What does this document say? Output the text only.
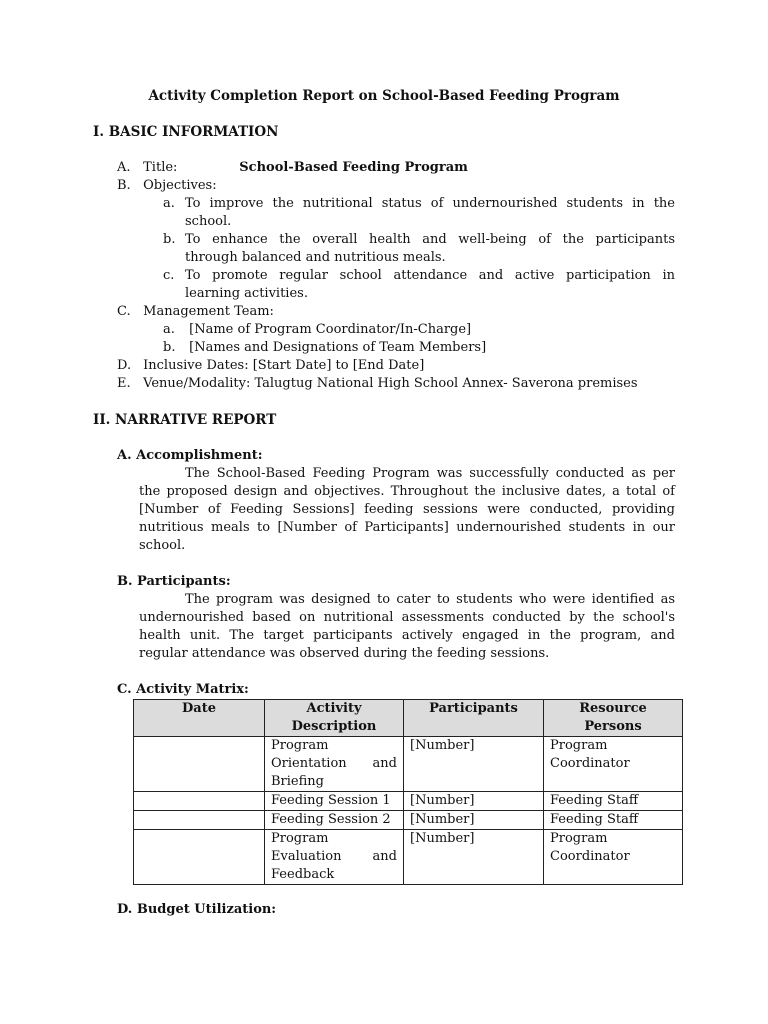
Activity Completion Report on School-Based Feeding Program
I. BASIC INFORMATION
A. Title:	School-Based Feeding Program
B. Objectives:
a. To improve the nutritional status of undernourished students in the
school.
b. To enhance the overall health and well-being of the participants
through balanced and nutritious meals.
c. To promote regular school attendance and active participation in
learning activities.
C. Management Team:
a. [Name of Program Coordinator/In-Charge]
b. [Names and Designations of Team Members]
D. Inclusive Dates: [Start Date] to [End Date]
E. Venue/Modality: Talugtug National High School Annex- Saverona premises
II. NARRATIVE REPORT
A. Accomplishment:
The School-Based Feeding Program was successfully conducted as per the proposed design and objectives. Throughout the inclusive dates, a total of [Number of Feeding Sessions] feeding sessions were conducted, providing nutritious meals to [Number of Participants] undernourished students in our school.
B. Participants:
The program was designed to cater to students who were identified as undernourished based on nutritional assessments conducted by the school's health unit. The target participants actively engaged in the program, and regular attendance was observed during the feeding sessions.
C. Activity Matrix:
Date	Activity Description	Participants	Resource Persons
	Program Orientation and Briefing	[Number]	Program Coordinator
	Feeding Session 1	[Number]	Feeding Staff
	Feeding Session 2	[Number]	Feeding Staff
	Program Evaluation and Feedback	[Number]	Program Coordinator
D. Budget Utilization:
